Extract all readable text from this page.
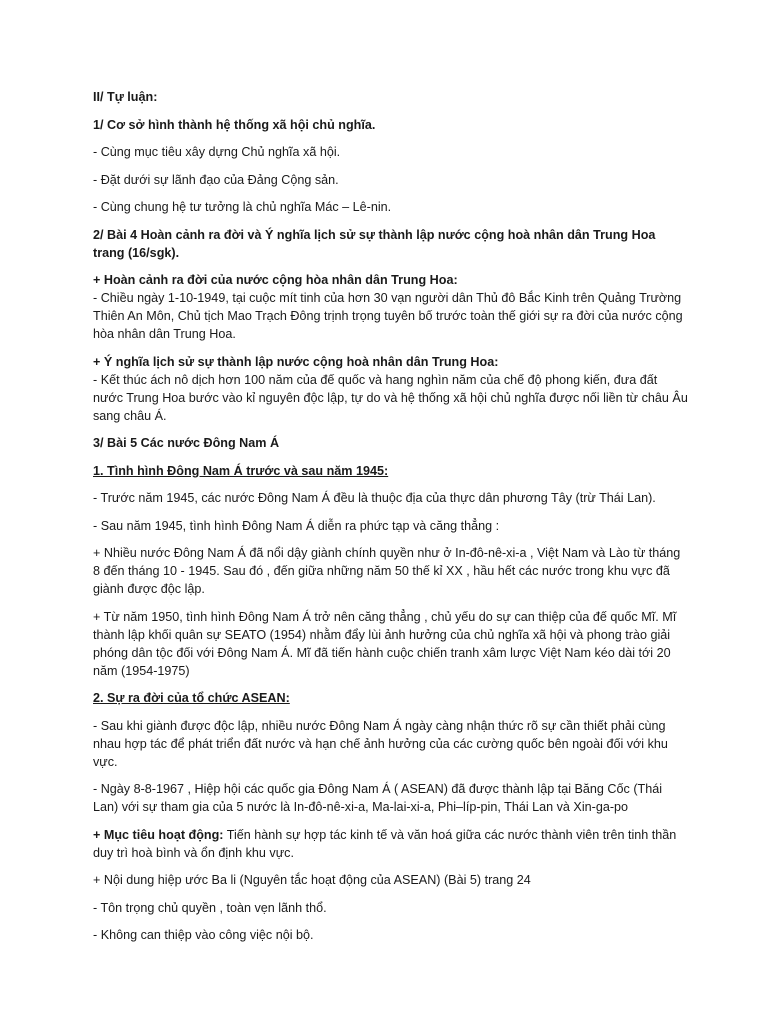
II/ Tự luận:

1/ Cơ sở hình thành hệ thống xã hội chủ nghĩa.

- Cùng mục tiêu xây dựng Chủ nghĩa xã hội.

- Đặt dưới sự lãnh đạo của Đảng Cộng sản.

- Cùng chung hệ tư tưởng là chủ nghĩa Mác – Lê-nin.

2/ Bài 4 Hoàn cảnh ra đời và Ý nghĩa lịch sử sự thành lập nước cộng hoà nhân dân Trung Hoa trang (16/sgk).

+ Hoàn cảnh ra đời của nước cộng hòa nhân dân Trung Hoa:
- Chiều ngày 1-10-1949, tại cuộc mít tinh của hơn 30 vạn người dân Thủ đô Bắc Kinh trên Quảng Trường Thiên An Môn, Chủ tịch Mao Trạch Đông trịnh trọng tuyên bố trước toàn thế giới sự ra đời của nước cộng hòa nhân dân Trung Hoa.

+ Ý nghĩa lịch sử sự thành lập nước cộng hoà nhân dân Trung Hoa:
- Kết thúc ách nô dịch hơn 100 năm của đế quốc và hang nghìn năm của chế độ phong kiến, đưa đất nước Trung Hoa bước vào kỉ nguyên độc lập, tự do và hệ thống xã hội chủ nghĩa được nối liền từ châu Âu sang châu Á.

3/ Bài 5 Các nước Đông Nam Á

1. Tình hình Đông Nam Á trước và sau năm 1945:

- Trước năm 1945, các nước Đông Nam Á đều là thuộc địa của thực dân phương Tây (trừ Thái Lan).

- Sau năm 1945, tình hình Đông Nam Á diễn ra phức tạp và căng thẳng :

+ Nhiều nước Đông Nam Á đã nổi dậy giành chính quyền như ở In-đô-nê-xi-a , Việt Nam và Lào từ tháng 8 đến tháng 10 - 1945. Sau đó , đến giữa những năm 50 thế kỉ XX , hầu hết các nước trong khu vực đã giành được độc lập.

+ Từ năm 1950, tình hình Đông Nam Á trở nên căng thẳng , chủ yếu do sự can thiệp của đế quốc Mĩ. Mĩ thành lập khối quân sự SEATO (1954) nhằm đẩy lùi ảnh hưởng của chủ nghĩa xã hội và phong trào giải phóng dân tộc đối với Đông Nam Á. Mĩ đã tiến hành cuộc chiến tranh xâm lược Việt Nam kéo dài tới 20 năm (1954-1975)

2. Sự ra đời của tổ chức ASEAN:

- Sau khi giành được độc lập, nhiều nước Đông Nam Á ngày càng nhận thức rõ sự cần thiết phải cùng nhau hợp tác để phát triển đất nước và hạn chế ảnh hưởng của các cường quốc bên ngoài đối với khu vực.

- Ngày 8-8-1967 , Hiệp hội các quốc gia Đông Nam Á ( ASEAN) đã được thành lập tại Băng Cốc (Thái Lan) với sự tham gia của 5 nước là In-đô-nê-xi-a, Ma-lai-xi-a, Phi–líp-pin, Thái Lan và Xin-ga-po

+ Mục tiêu hoạt động: Tiến hành sự hợp tác kinh tế và văn hoá giữa các nước thành viên trên tinh thần duy trì hoà bình và ổn định khu vực.

+ Nội dung hiệp ước Ba li (Nguyên tắc hoạt động của ASEAN) (Bài 5) trang 24

- Tôn trọng chủ quyền , toàn vẹn lãnh thổ.

- Không can thiệp vào công việc nội bộ.
